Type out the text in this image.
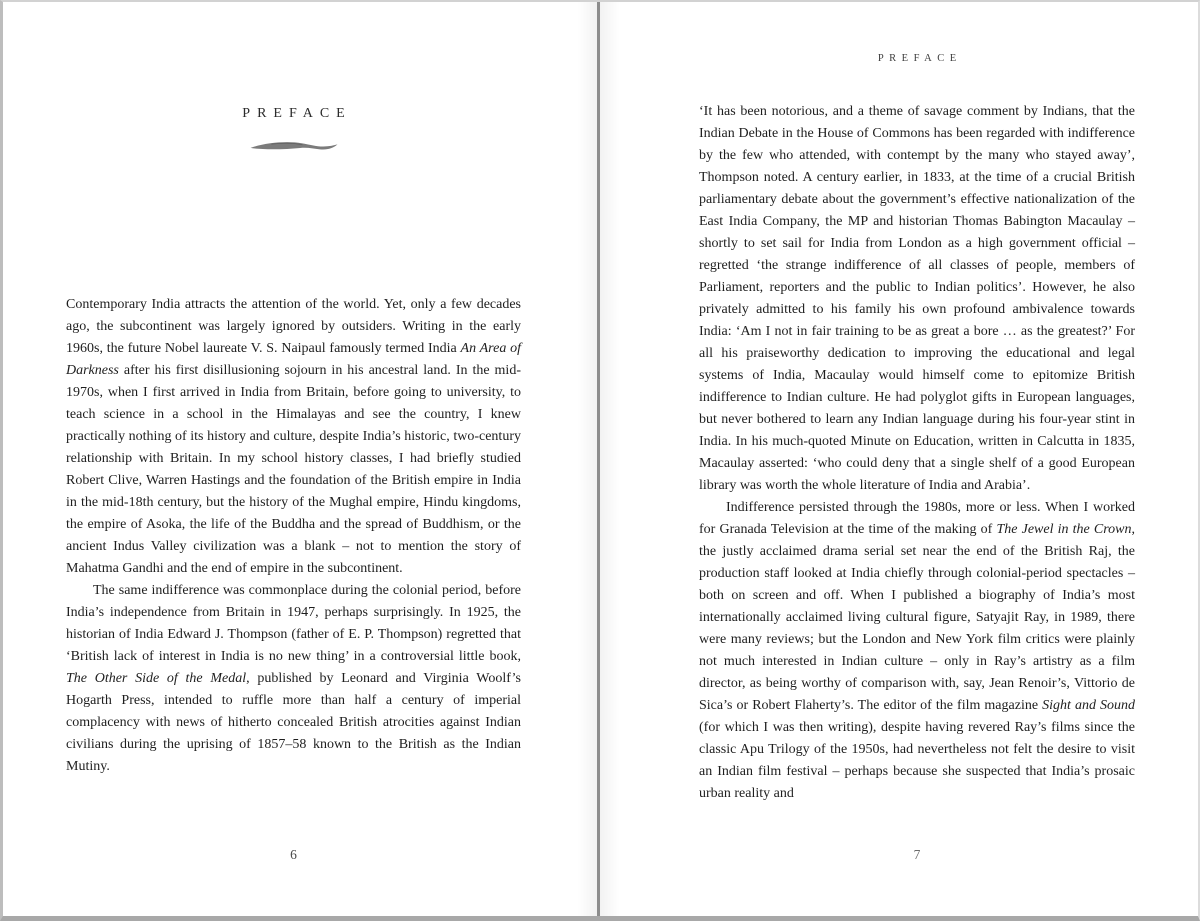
PREFACE

Contemporary India attracts the attention of the world. Yet, only a few decades ago, the subcontinent was largely ignored by outsiders. Writing in the early 1960s, the future Nobel laureate V. S. Naipaul famously termed India An Area of Darkness after his first disillusioning sojourn in his ancestral land. In the mid-1970s, when I first arrived in India from Britain, before going to university, to teach science in a school in the Himalayas and see the country, I knew practically nothing of its history and culture, despite India’s historic, two-century relationship with Britain. In my school history classes, I had briefly studied Robert Clive, Warren Hastings and the foundation of the British empire in India in the mid-18th century, but the history of the Mughal empire, Hindu kingdoms, the empire of Asoka, the life of the Buddha and the spread of Buddhism, or the ancient Indus Valley civilization was a blank – not to mention the story of Mahatma Gandhi and the end of empire in the subcontinent.

The same indifference was commonplace during the colonial period, before India’s independence from Britain in 1947, perhaps surprisingly. In 1925, the historian of India Edward J. Thompson (father of E. P. Thompson) regretted that ‘British lack of interest in India is no new thing’ in a controversial little book, The Other Side of the Medal, published by Leonard and Virginia Woolf’s Hogarth Press, intended to ruffle more than half a century of imperial complacency with news of hitherto concealed British atrocities against Indian civilians during the uprising of 1857–58 known to the British as the Indian Mutiny.

6
PREFACE

‘It has been notorious, and a theme of savage comment by Indians, that the Indian Debate in the House of Commons has been regarded with indifference by the few who attended, with contempt by the many who stayed away’, Thompson noted. A century earlier, in 1833, at the time of a crucial British parliamentary debate about the government’s effective nationalization of the East India Company, the MP and historian Thomas Babington Macaulay – shortly to set sail for India from London as a high government official – regretted ‘the strange indifference of all classes of people, members of Parliament, reporters and the public to Indian politics’. However, he also privately admitted to his family his own profound ambivalence towards India: ‘Am I not in fair training to be as great a bore … as the greatest?’ For all his praiseworthy dedication to improving the educational and legal systems of India, Macaulay would himself come to epitomize British indifference to Indian culture. He had polyglot gifts in European languages, but never bothered to learn any Indian language during his four-year stint in India. In his much-quoted Minute on Education, written in Calcutta in 1835, Macaulay asserted: ‘who could deny that a single shelf of a good European library was worth the whole literature of India and Arabia’.

Indifference persisted through the 1980s, more or less. When I worked for Granada Television at the time of the making of The Jewel in the Crown, the justly acclaimed drama serial set near the end of the British Raj, the production staff looked at India chiefly through colonial-period spectacles – both on screen and off. When I published a biography of India’s most internationally acclaimed living cultural figure, Satyajit Ray, in 1989, there were many reviews; but the London and New York film critics were plainly not much interested in Indian culture – only in Ray’s artistry as a film director, as being worthy of comparison with, say, Jean Renoir’s, Vittorio de Sica’s or Robert Flaherty’s. The editor of the film magazine Sight and Sound (for which I was then writing), despite having revered Ray’s films since the classic Apu Trilogy of the 1950s, had nevertheless not felt the desire to visit an Indian film festival – perhaps because she suspected that India’s prosaic urban reality and

7
